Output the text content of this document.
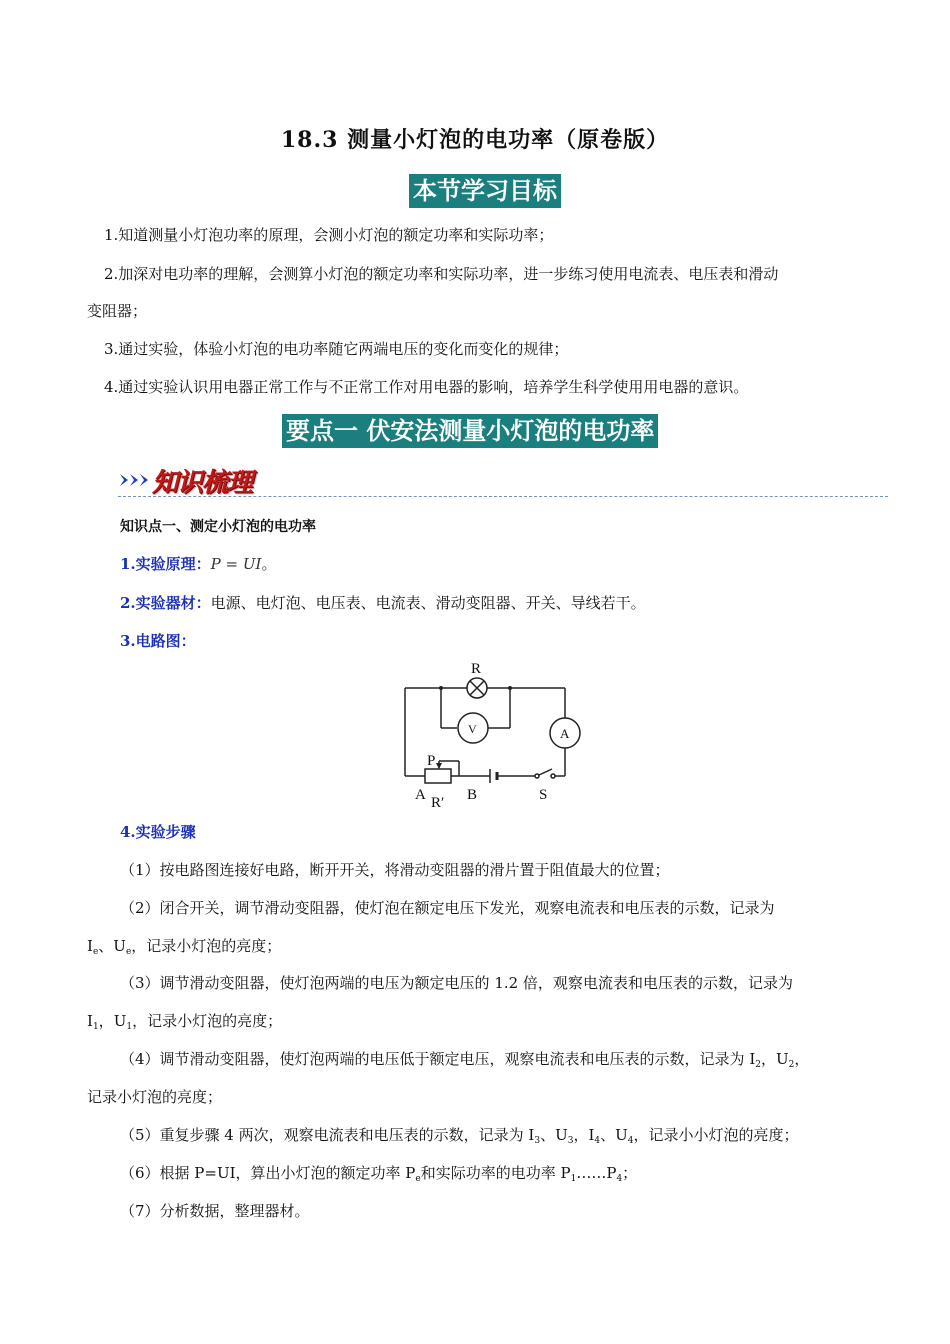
18.3 测量小灯泡的电功率（原卷版）
本节学习目标
1.知道测量小灯泡功率的原理，会测小灯泡的额定功率和实际功率；
2.加深对电功率的理解，会测算小灯泡的额定功率和实际功率，进一步练习使用电流表、电压表和滑动
变阻器；
3.通过实验，体验小灯泡的电功率随它两端电压的变化而变化的规律；
4.通过实验认识用电器正常工作与不正常工作对用电器的影响，培养学生科学使用用电器的意识。
要点一 伏安法测量小灯泡的电功率
知识梳理
知识点一、测定小灯泡的电功率
1.实验原理：P = UI。
2.实验器材：电源、电灯泡、电压表、电流表、滑动变阻器、开关、导线若干。
3.电路图：
R
V	A
P
A R′ B	S
4.实验步骤
（1）按电路图连接好电路，断开开关，将滑动变阻器的滑片置于阻值最大的位置；
（2）闭合开关，调节滑动变阻器，使灯泡在额定电压下发光，观察电流表和电压表的示数，记录为
$I_e$、$U_e$，记录小灯泡的亮度；
（3）调节滑动变阻器，使灯泡两端的电压为额定电压的 1.2 倍，观察电流表和电压表的示数，记录为
$I_1$，$U_1$，记录小灯泡的亮度；
（4）调节滑动变阻器，使灯泡两端的电压低于额定电压，观察电流表和电压表的示数，记录为 $I_2$，$U_2$，
记录小灯泡的亮度；
（5）重复步骤 4 两次，观察电流表和电压表的示数，记录为 $I_3$、$U_3$，$I_4$、$U_4$，记录小小灯泡的亮度；
（6）根据 P=UI，算出小灯泡的额定功率 $P_e$和实际功率的电功率 $P_1\dots\dots P_4$；
（7）分析数据，整理器材。
